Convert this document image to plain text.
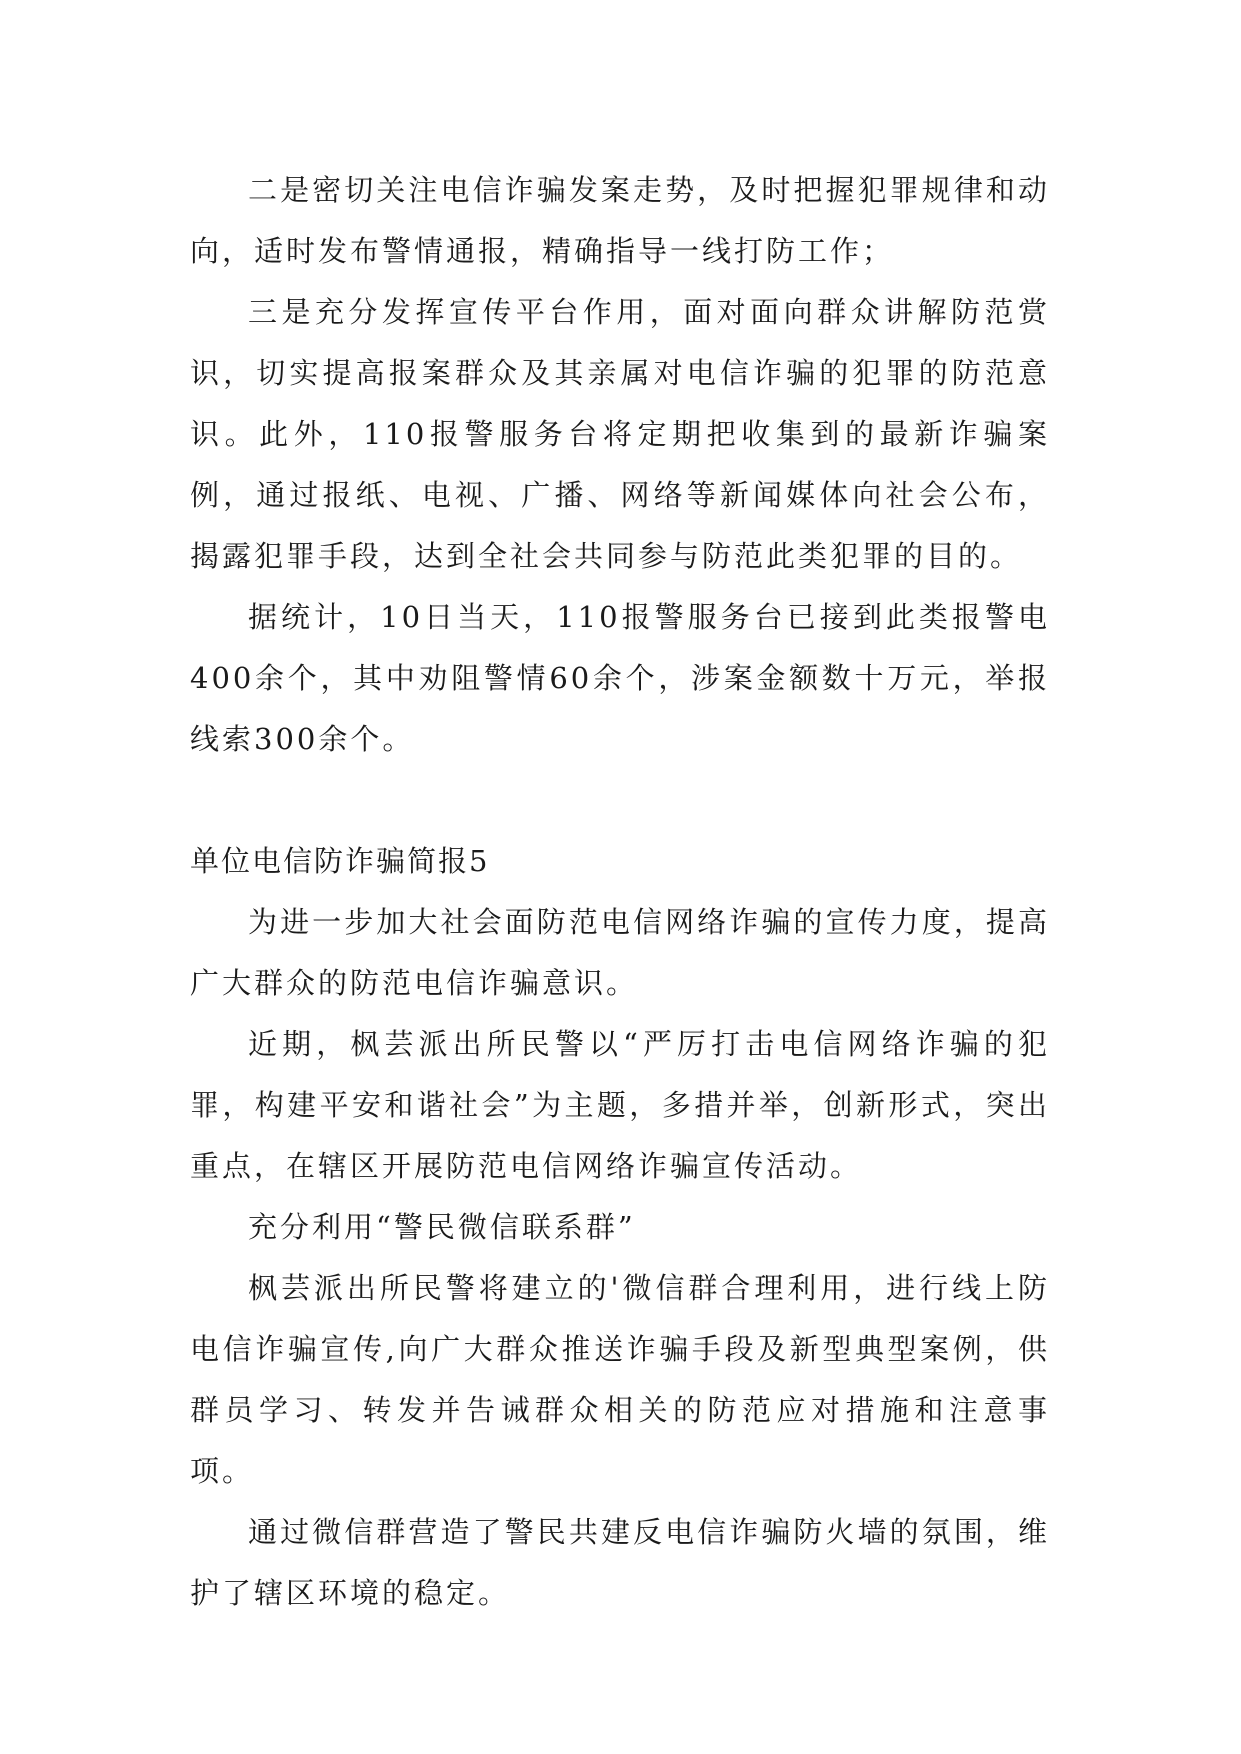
二是密切关注电信诈骗发案走势，及时把握犯罪规律和动向，适时发布警情通报，精确指导一线打防工作；

三是充分发挥宣传平台作用，面对面向群众讲解防范赏识，切实提高报案群众及其亲属对电信诈骗的犯罪的防范意识。此外，110报警服务台将定期把收集到的最新诈骗案例，通过报纸、电视、广播、网络等新闻媒体向社会公布，揭露犯罪手段，达到全社会共同参与防范此类犯罪的目的。

据统计，10日当天，110报警服务台已接到此类报警电400余个，其中劝阻警情60余个，涉案金额数十万元，举报线索300余个。

单位电信防诈骗简报5

为进一步加大社会面防范电信网络诈骗的宣传力度，提高广大群众的防范电信诈骗意识。

近期，枫芸派出所民警以“严厉打击电信网络诈骗的犯罪，构建平安和谐社会”为主题，多措并举，创新形式，突出重点，在辖区开展防范电信网络诈骗宣传活动。

充分利用“警民微信联系群”

枫芸派出所民警将建立的'微信群合理利用，进行线上防电信诈骗宣传,向广大群众推送诈骗手段及新型典型案例，供群员学习、转发并告诫群众相关的防范应对措施和注意事项。

通过微信群营造了警民共建反电信诈骗防火墙的氛围，维护了辖区环境的稳定。
